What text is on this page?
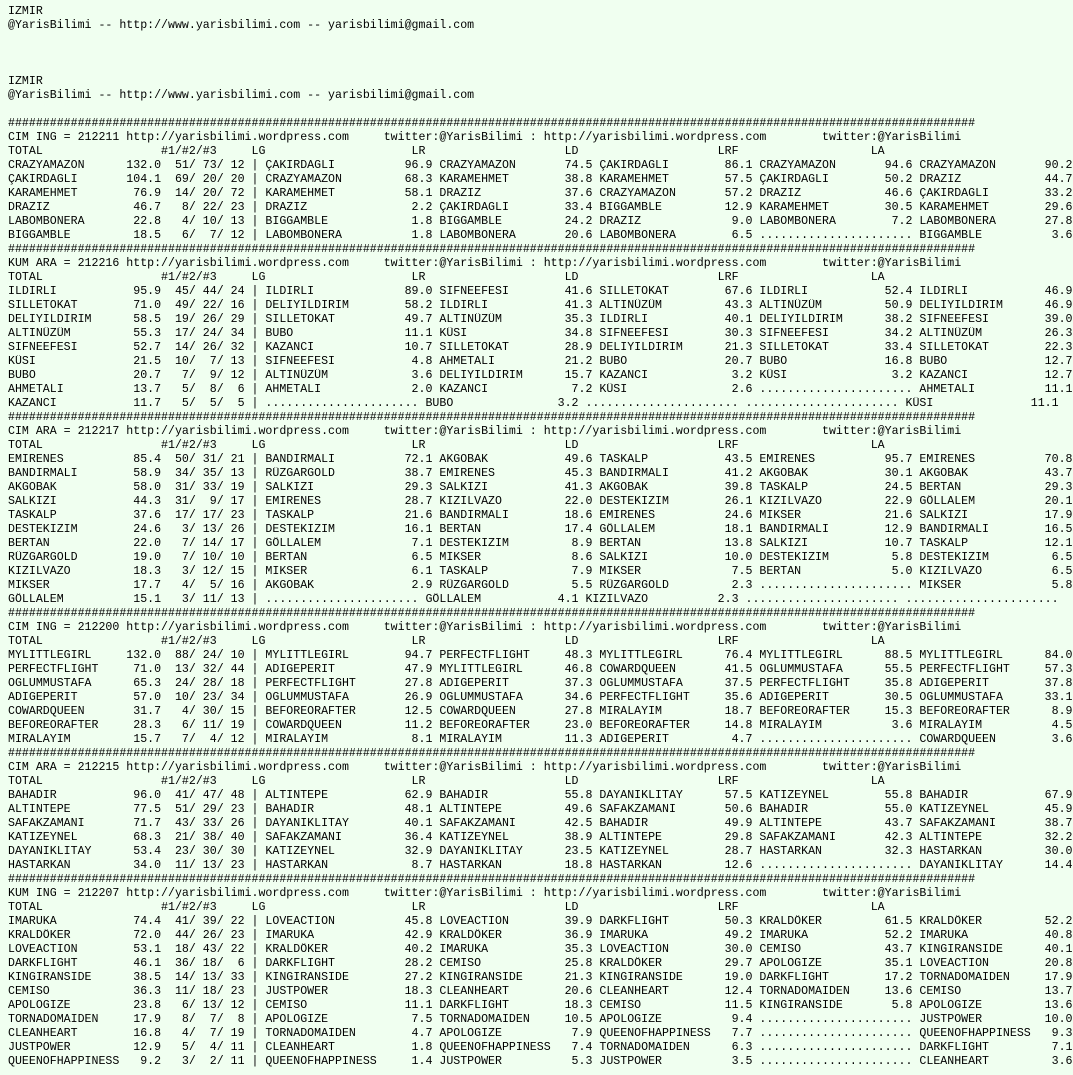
IZMIR
@YarisBilimi -- http://www.yarisbilimi.com -- yarisbilimi@gmail.com
IZMIR
@YarisBilimi -- http://www.yarisbilimi.com -- yarisbilimi@gmail.com
###########################################################################################################################################
CIM ING = 212211 http://yarisbilimi.wordpress.com     twitter:@YarisBilimi : http://yarisbilimi.wordpress.com        twitter:@YarisBilimi
TOTAL                 #1/#2/#3     LG                     LR                    LD                    LRF                   LA
CRAZYAMAZON      132.0  51/ 73/ 12 | ÇAKIRDAGLI          96.9 CRAZYAMAZON       74.5 ÇAKIRDAGLI        86.1 CRAZYAMAZON       94.6 CRAZYAMAZON       90.2
ÇAKIRDAGLI       104.1  69/ 20/ 20 | CRAZYAMAZON         68.3 KARAMEHMET        38.8 KARAMEHMET        57.5 ÇAKIRDAGLI        50.2 DRAZIZ            44.7
KARAMEHMET        76.9  14/ 20/ 72 | KARAMEHMET          58.1 DRAZIZ            37.6 CRAZYAMAZON       57.2 DRAZIZ            46.6 ÇAKIRDAGLI        33.2
DRAZIZ            46.7   8/ 22/ 23 | DRAZIZ               2.2 ÇAKIRDAGLI        33.4 BIGGAMBLE         12.9 KARAMEHMET        30.5 KARAMEHMET        29.6
LABOMBONERA       22.8   4/ 10/ 13 | BIGGAMBLE            1.8 BIGGAMBLE         24.2 DRAZIZ             9.0 LABOMBONERA        7.2 LABOMBONERA       27.8
BIGGAMBLE         18.5   6/  7/ 12 | LABOMBONERA          1.8 LABOMBONERA       20.6 LABOMBONERA        6.5 ...................... BIGGAMBLE          3.6
###########################################################################################################################################
KUM ARA = 212216 http://yarisbilimi.wordpress.com     twitter:@YarisBilimi : http://yarisbilimi.wordpress.com        twitter:@YarisBilimi
TOTAL                 #1/#2/#3     LG                     LR                    LD                    LRF                   LA
ILDIRLI           95.9  45/ 44/ 24 | ILDIRLI             89.0 SIFNEEFESI        41.6 SILLETOKAT        67.6 ILDIRLI           52.4 ILDIRLI           46.9
SILLETOKAT        71.0  49/ 22/ 16 | DELIYILDIRIM        58.2 ILDIRLI           41.3 ALTINÜZÜM         43.3 ALTINÜZÜM         50.9 DELIYILDIRIM      46.9
DELIYILDIRIM      58.5  19/ 26/ 29 | SILLETOKAT          49.7 ALTINÜZÜM         35.3 ILDIRLI           40.1 DELIYILDIRIM      38.2 SIFNEEFESI        39.0
ALTINÜZÜM         55.3  17/ 24/ 34 | BUBO                11.1 KÜSI              34.8 SIFNEEFESI        30.3 SIFNEEFESI        34.2 ALTINÜZÜM         26.3
SIFNEEFESI        52.7  14/ 26/ 32 | KAZANCI             10.7 SILLETOKAT        28.9 DELIYILDIRIM      21.3 SILLETOKAT        33.4 SILLETOKAT        22.3
KÜSI              21.5  10/  7/ 13 | SIFNEEFESI           4.8 AHMETALI          21.2 BUBO              20.7 BUBO              16.8 BUBO              12.7
BUBO              20.7   7/  9/ 12 | ALTINÜZÜM            3.6 DELIYILDIRIM      15.7 KAZANCI            3.2 KÜSI               3.2 KAZANCI           12.7
AHMETALI          13.7   5/  8/  6 | AHMETALI             2.0 KAZANCI            7.2 KÜSI               2.6 ...................... AHMETALI          11.1
KAZANCI           11.7   5/  5/  5 | ...................... BUBO               3.2 ...................... ...................... KÜSI              11.1
###########################################################################################################################################
CIM ARA = 212217 http://yarisbilimi.wordpress.com     twitter:@YarisBilimi : http://yarisbilimi.wordpress.com        twitter:@YarisBilimi
TOTAL                 #1/#2/#3     LG                     LR                    LD                    LRF                   LA
EMIRENES          85.4  50/ 31/ 21 | BANDIRMALI          72.1 AKGOBAK           49.6 TASKALP           43.5 EMIRENES          95.7 EMIRENES          70.8
BANDIRMALI        58.9  34/ 35/ 13 | RÜZGARGOLD          38.7 EMIRENES          45.3 BANDIRMALI        41.2 AKGOBAK           30.1 AKGOBAK           43.7
AKGOBAK           58.0  31/ 33/ 19 | SALKIZI             29.3 SALKIZI           41.3 AKGOBAK           39.8 TASKALP           24.5 BERTAN            29.3
SALKIZI           44.3  31/  9/ 17 | EMIRENES            28.7 KIZILVAZO         22.0 DESTEKIZIM        26.1 KIZILVAZO         22.9 GÖLLALEM          20.1
TASKALP           37.6  17/ 17/ 23 | TASKALP             21.6 BANDIRMALI        18.6 EMIRENES          24.6 MIKSER            21.6 SALKIZI           17.9
DESTEKIZIM        24.6   3/ 13/ 26 | DESTEKIZIM          16.1 BERTAN            17.4 GÖLLALEM          18.1 BANDIRMALI        12.9 BANDIRMALI        16.5
BERTAN            22.0   7/ 14/ 17 | GÖLLALEM             7.1 DESTEKIZIM         8.9 BERTAN            13.8 SALKIZI           10.7 TASKALP           12.1
RÜZGARGOLD        19.0   7/ 10/ 10 | BERTAN               6.5 MIKSER             8.6 SALKIZI           10.0 DESTEKIZIM         5.8 DESTEKIZIM         6.5
KIZILVAZO         18.3   3/ 12/ 15 | MIKSER               6.1 TASKALP            7.9 MIKSER             7.5 BERTAN             5.0 KIZILVAZO          6.5
MIKSER            17.7   4/  5/ 16 | AKGOBAK              2.9 RÜZGARGOLD         5.5 RÜZGARGOLD         2.3 ...................... MIKSER             5.8
GÖLLALEM          15.1   3/ 11/ 13 | ...................... GÖLLALEM           4.1 KIZILVAZO          2.3 ...................... ......................
###########################################################################################################################################
CIM ING = 212200 http://yarisbilimi.wordpress.com     twitter:@YarisBilimi : http://yarisbilimi.wordpress.com        twitter:@YarisBilimi
TOTAL                 #1/#2/#3     LG                     LR                    LD                    LRF                   LA
MYLITTLEGIRL     132.0  88/ 24/ 10 | MYLITTLEGIRL        94.7 PERFECTFLIGHT     48.3 MYLITTLEGIRL      76.4 MYLITTLEGIRL      88.5 MYLITTLEGIRL      84.0
PERFECTFLIGHT     71.0  13/ 32/ 44 | ADIGEPERIT          47.9 MYLITTLEGIRL      46.8 COWARDQUEEN       41.5 OGLUMMUSTAFA      55.5 PERFECTFLIGHT     57.3
OGLUMMUSTAFA      65.3  24/ 28/ 18 | PERFECTFLIGHT       27.8 ADIGEPERIT        37.3 OGLUMMUSTAFA      37.5 PERFECTFLIGHT     35.8 ADIGEPERIT        37.8
ADIGEPERIT        57.0  10/ 23/ 34 | OGLUMMUSTAFA        26.9 OGLUMMUSTAFA      34.6 PERFECTFLIGHT     35.6 ADIGEPERIT        30.5 OGLUMMUSTAFA      33.1
COWARDQUEEN       31.7   4/ 30/ 15 | BEFOREORAFTER       12.5 COWARDQUEEN       27.8 MIRALAYIM         18.7 BEFOREORAFTER     15.3 BEFOREORAFTER      8.9
BEFOREORAFTER     28.3   6/ 11/ 19 | COWARDQUEEN         11.2 BEFOREORAFTER     23.0 BEFOREORAFTER     14.8 MIRALAYIM          3.6 MIRALAYIM          4.5
MIRALAYIM         15.7   7/  4/ 12 | MIRALAYIM            8.1 MIRALAYIM         11.3 ADIGEPERIT         4.7 ...................... COWARDQUEEN        3.6
###########################################################################################################################################
CIM ARA = 212215 http://yarisbilimi.wordpress.com     twitter:@YarisBilimi : http://yarisbilimi.wordpress.com        twitter:@YarisBilimi
TOTAL                 #1/#2/#3     LG                     LR                    LD                    LRF                   LA
BAHADIR           96.0  41/ 47/ 48 | ALTINTEPE           62.9 BAHADIR           55.8 DAYANIKLITAY      57.5 KATIZEYNEL        55.8 BAHADIR           67.9
ALTINTEPE         77.5  51/ 29/ 23 | BAHADIR             48.1 ALTINTEPE         49.6 SAFAKZAMANI       50.6 BAHADIR           55.0 KATIZEYNEL        45.9
SAFAKZAMANI       71.7  43/ 33/ 26 | DAYANIKLITAY        40.1 SAFAKZAMANI       42.5 BAHADIR           49.9 ALTINTEPE         43.7 SAFAKZAMANI       38.7
KATIZEYNEL        68.3  21/ 38/ 40 | SAFAKZAMANI         36.4 KATIZEYNEL        38.9 ALTINTEPE         29.8 SAFAKZAMANI       42.3 ALTINTEPE         32.2
DAYANIKLITAY      53.4  23/ 30/ 30 | KATIZEYNEL          32.9 DAYANIKLITAY      23.5 KATIZEYNEL        28.7 HASTARKAN         32.3 HASTARKAN         30.0
HASTARKAN         34.0  11/ 13/ 23 | HASTARKAN            8.7 HASTARKAN         18.8 HASTARKAN         12.6 ...................... DAYANIKLITAY      14.4
###########################################################################################################################################
KUM ING = 212207 http://yarisbilimi.wordpress.com     twitter:@YarisBilimi : http://yarisbilimi.wordpress.com        twitter:@YarisBilimi
TOTAL                 #1/#2/#3     LG                     LR                    LD                    LRF                   LA
IMARUKA           74.4  41/ 39/ 22 | LOVEACTION          45.8 LOVEACTION        39.9 DARKFLIGHT        50.3 KRALDÖKER         61.5 KRALDÖKER         52.2
KRALDÖKER         72.0  44/ 26/ 23 | IMARUKA             42.9 KRALDÖKER         36.9 IMARUKA           49.2 IMARUKA           52.2 IMARUKA           40.8
LOVEACTION        53.1  18/ 43/ 22 | KRALDÖKER           40.2 IMARUKA           35.3 LOVEACTION        30.0 CEMISO            43.7 KINGIRANSIDE      40.1
DARKFLIGHT        46.1  36/ 18/  6 | DARKFLIGHT          28.2 CEMISO            25.8 KRALDÖKER         29.7 APOLOGIZE         35.1 LOVEACTION        20.8
KINGIRANSIDE      38.5  14/ 13/ 33 | KINGIRANSIDE        27.2 KINGIRANSIDE      21.3 KINGIRANSIDE      19.0 DARKFLIGHT        17.2 TORNADOMAIDEN     17.9
CEMISO            36.3  11/ 18/ 23 | JUSTPOWER           18.3 CLEANHEART        20.6 CLEANHEART        12.4 TORNADOMAIDEN     13.6 CEMISO            13.7
APOLOGIZE         23.8   6/ 13/ 12 | CEMISO              11.1 DARKFLIGHT        18.3 CEMISO            11.5 KINGIRANSIDE       5.8 APOLOGIZE         13.6
TORNADOMAIDEN     17.9   8/  7/  8 | APOLOGIZE            7.5 TORNADOMAIDEN     10.5 APOLOGIZE          9.4 ...................... JUSTPOWER         10.0
CLEANHEART        16.8   4/  7/ 19 | TORNADOMAIDEN        4.7 APOLOGIZE          7.9 QUEENOFHAPPINESS   7.7 ...................... QUEENOFHAPPINESS   9.3
JUSTPOWER         12.9   5/  4/ 11 | CLEANHEART           1.8 QUEENOFHAPPINESS   7.4 TORNADOMAIDEN      6.3 ...................... DARKFLIGHT         7.1
QUEENOFHAPPINESS   9.2   3/  2/ 11 | QUEENOFHAPPINESS     1.4 JUSTPOWER          5.3 JUSTPOWER          3.5 ...................... CLEANHEART         3.6
